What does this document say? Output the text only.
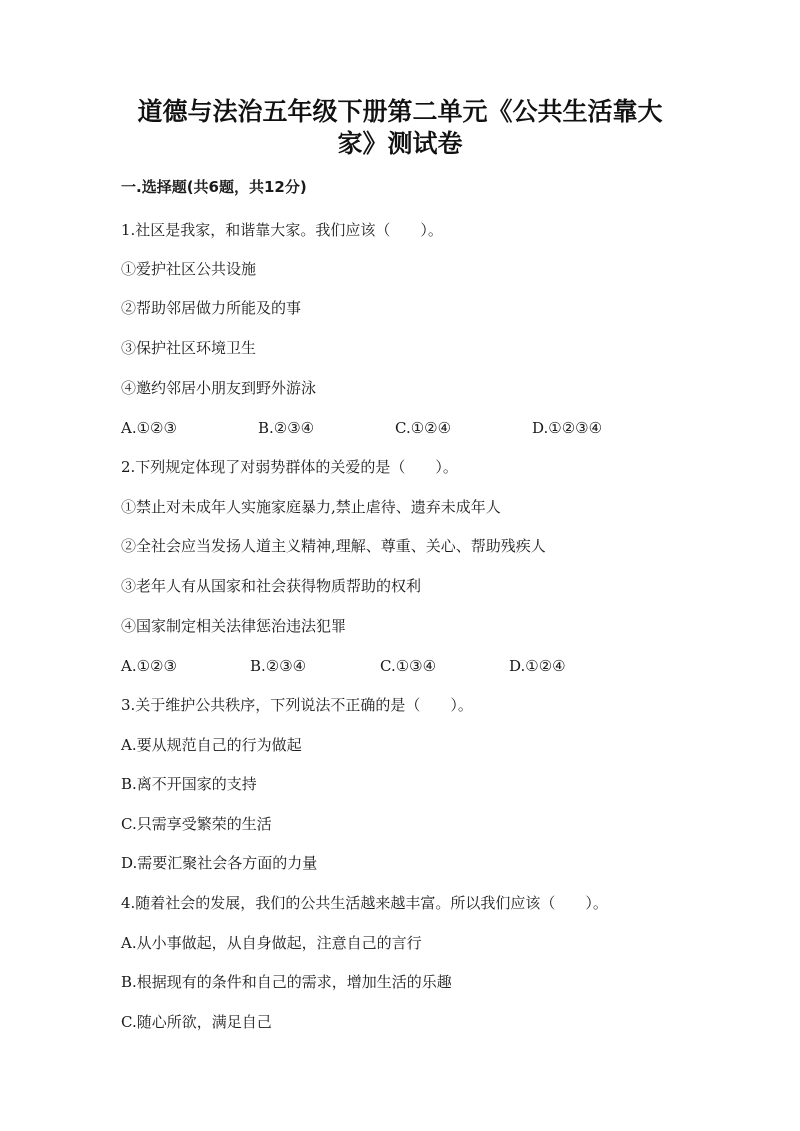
道德与法治五年级下册第二单元《公共生活靠大
家》测试卷
一.选择题(共6题，共12分)
1.社区是我家，和谐靠大家。我们应该（　　）。
①爱护社区公共设施
②帮助邻居做力所能及的事
③保护社区环境卫生
④邀约邻居小朋友到野外游泳
A.①②③	B.②③④	C.①②④	D.①②③④
2.下列规定体现了对弱势群体的关爱的是（　　）。
①禁止对未成年人实施家庭暴力,禁止虐待、遗弃未成年人
②全社会应当发扬人道主义精神,理解、尊重、关心、帮助残疾人
③老年人有从国家和社会获得物质帮助的权利
④国家制定相关法律惩治违法犯罪
A.①②③	B.②③④	C.①③④	D.①②④
3.关于维护公共秩序，下列说法不正确的是（　　）。
A.要从规范自己的行为做起
B.离不开国家的支持
C.只需享受繁荣的生活
D.需要汇聚社会各方面的力量
4.随着社会的发展，我们的公共生活越来越丰富。所以我们应该（　　）。
A.从小事做起，从自身做起，注意自己的言行
B.根据现有的条件和自己的需求，增加生活的乐趣
C.随心所欲，满足自己
